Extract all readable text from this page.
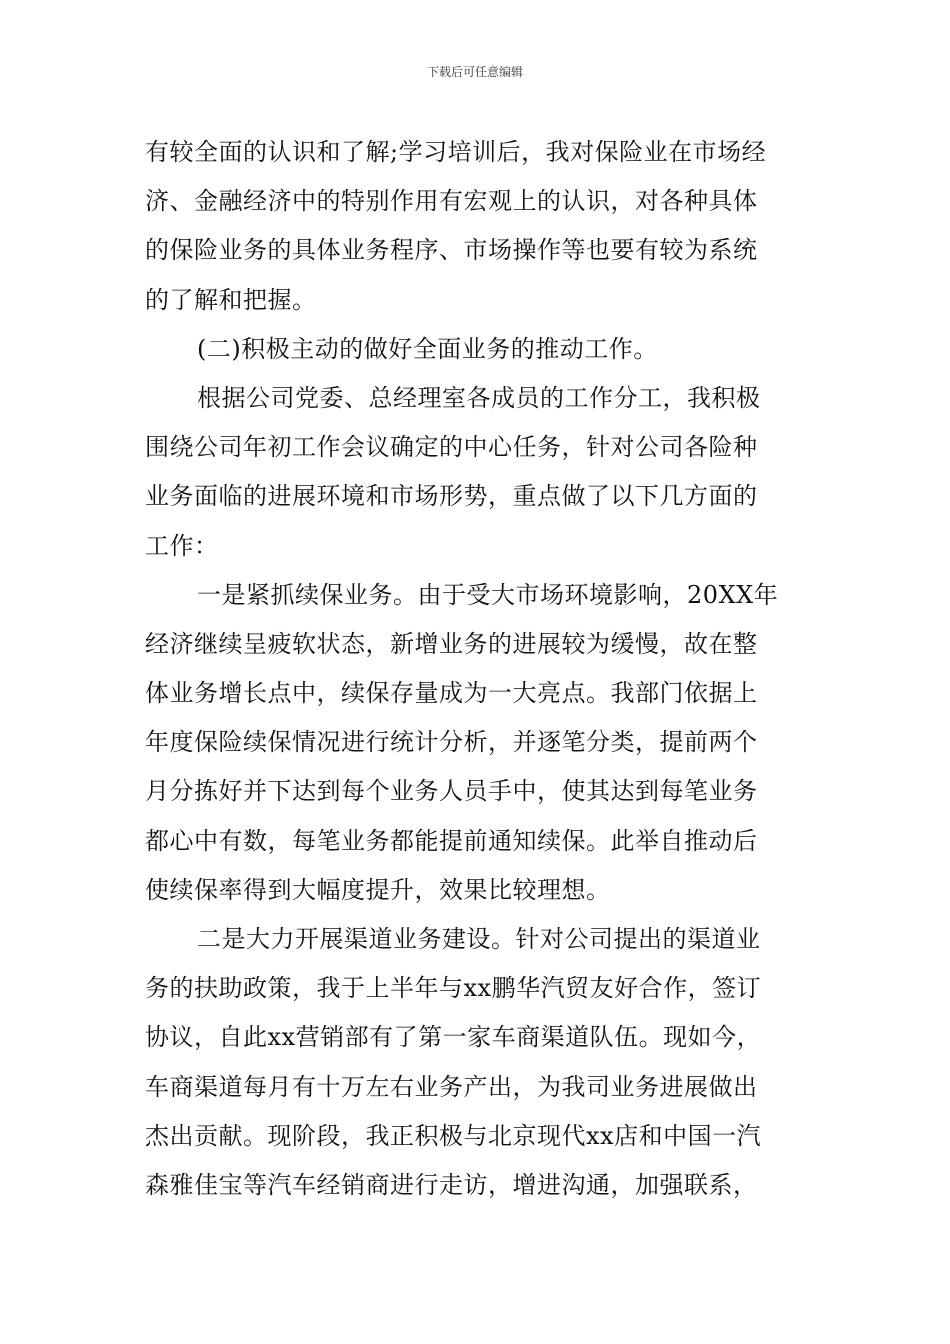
下载后可任意编辑
有较全面的认识和了解;学习培训后，我对保险业在市场经
济、金融经济中的特别作用有宏观上的认识，对各种具体
的保险业务的具体业务程序、市场操作等也要有较为系统
的了解和把握。
(二)积极主动的做好全面业务的推动工作。
根据公司党委、总经理室各成员的工作分工，我积极
围绕公司年初工作会议确定的中心任务，针对公司各险种
业务面临的进展环境和市场形势，重点做了以下几方面的
工作：
一是紧抓续保业务。由于受大市场环境影响，20XX年
经济继续呈疲软状态，新增业务的进展较为缓慢，故在整
体业务增长点中，续保存量成为一大亮点。我部门依据上
年度保险续保情况进行统计分析，并逐笔分类，提前两个
月分拣好并下达到每个业务人员手中，使其达到每笔业务
都心中有数，每笔业务都能提前通知续保。此举自推动后
使续保率得到大幅度提升，效果比较理想。
二是大力开展渠道业务建设。针对公司提出的渠道业
务的扶助政策，我于上半年与xx鹏华汽贸友好合作，签订
协议，自此xx营销部有了第一家车商渠道队伍。现如今，
车商渠道每月有十万左右业务产出，为我司业务进展做出
杰出贡献。现阶段，我正积极与北京现代xx店和中国一汽
森雅佳宝等汽车经销商进行走访，增进沟通，加强联系，
